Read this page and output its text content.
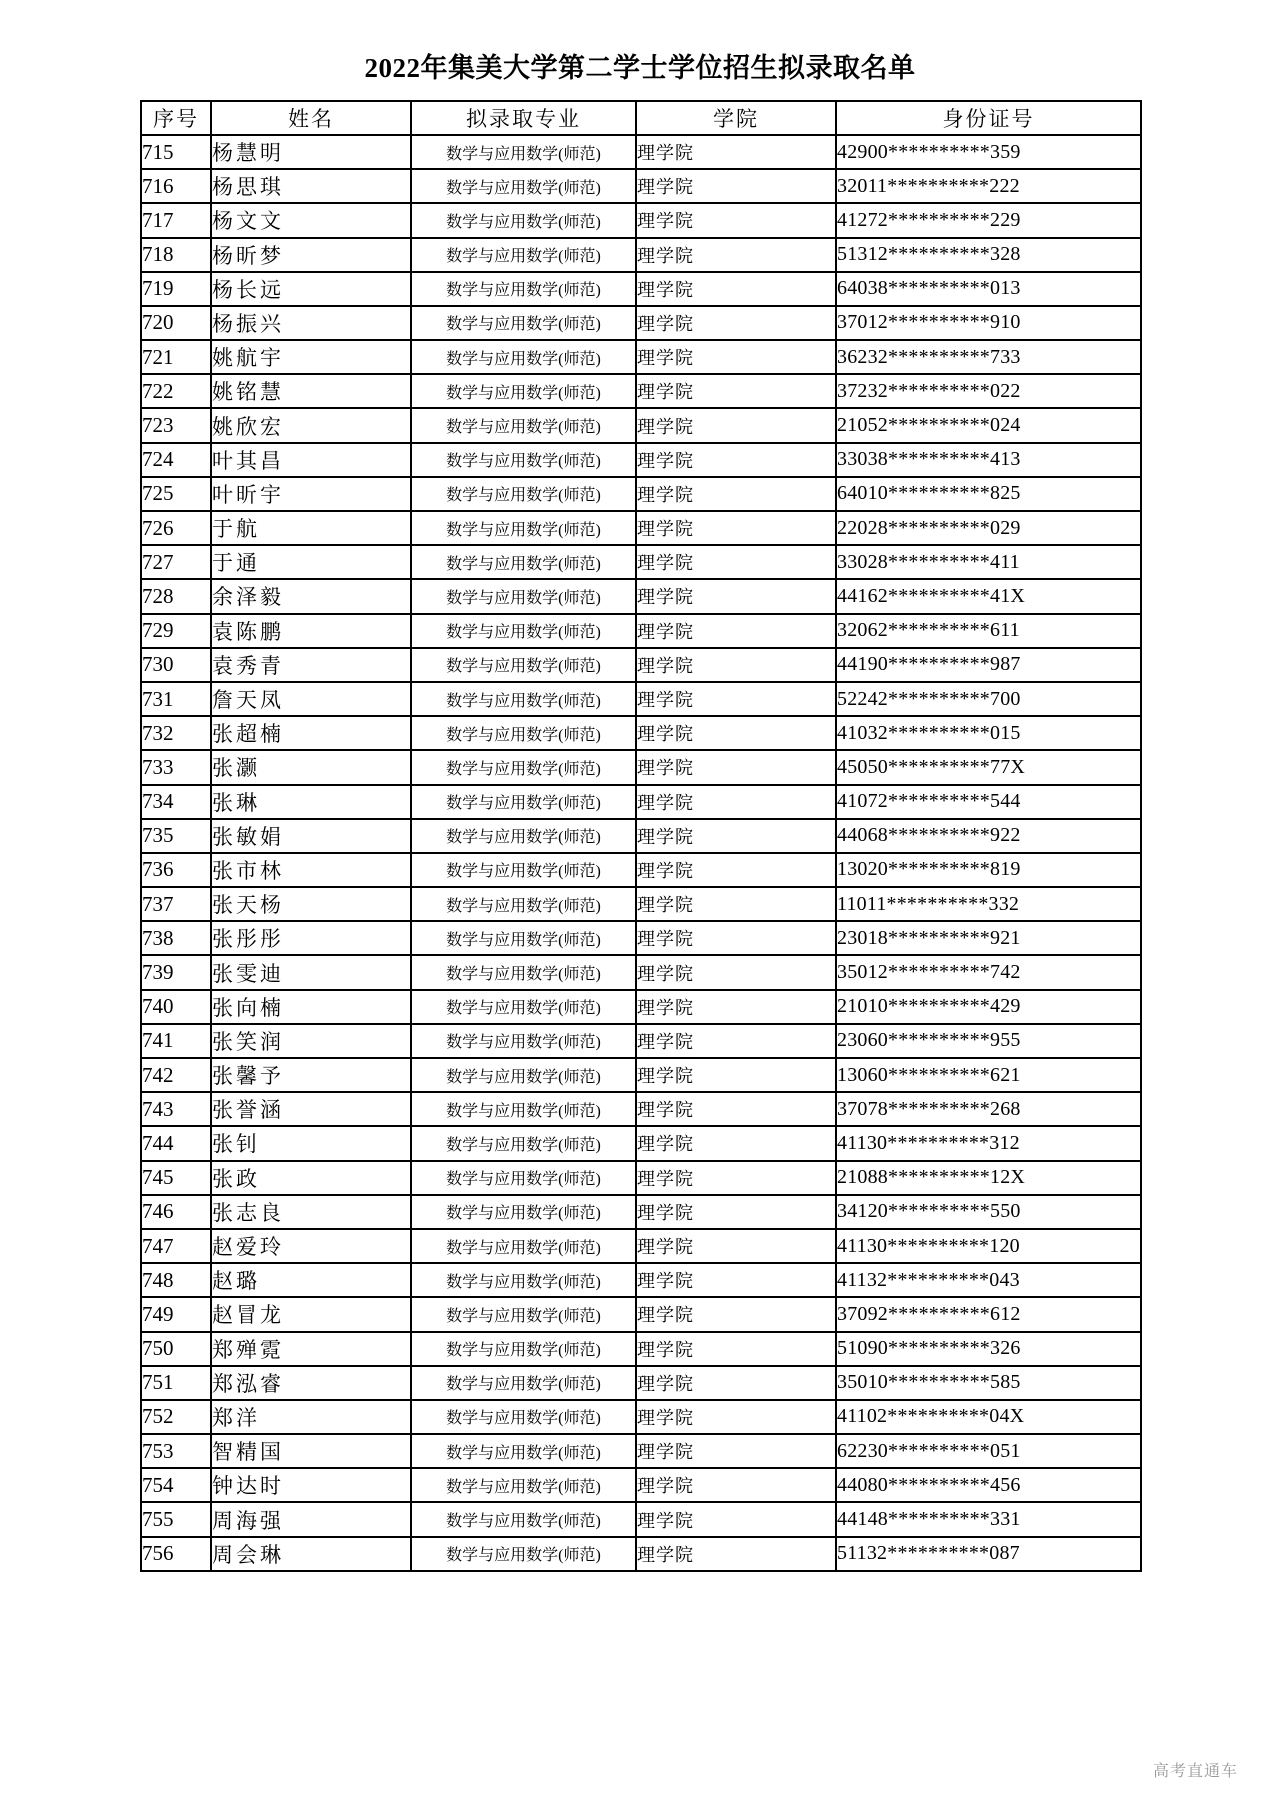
2022年集美大学第二学士学位招生拟录取名单
序号	姓名	拟录取专业	学院	身份证号
715	杨慧明	数学与应用数学(师范)	理学院	42900**********359
716	杨思琪	数学与应用数学(师范)	理学院	32011**********222
717	杨文文	数学与应用数学(师范)	理学院	41272**********229
718	杨昕梦	数学与应用数学(师范)	理学院	51312**********328
719	杨长远	数学与应用数学(师范)	理学院	64038**********013
720	杨振兴	数学与应用数学(师范)	理学院	37012**********910
721	姚航宇	数学与应用数学(师范)	理学院	36232**********733
722	姚铭慧	数学与应用数学(师范)	理学院	37232**********022
723	姚欣宏	数学与应用数学(师范)	理学院	21052**********024
724	叶其昌	数学与应用数学(师范)	理学院	33038**********413
725	叶昕宇	数学与应用数学(师范)	理学院	64010**********825
726	于航	数学与应用数学(师范)	理学院	22028**********029
727	于通	数学与应用数学(师范)	理学院	33028**********411
728	余泽毅	数学与应用数学(师范)	理学院	44162**********41X
729	袁陈鹏	数学与应用数学(师范)	理学院	32062**********611
730	袁秀青	数学与应用数学(师范)	理学院	44190**********987
731	詹天凤	数学与应用数学(师范)	理学院	52242**********700
732	张超楠	数学与应用数学(师范)	理学院	41032**********015
733	张灏	数学与应用数学(师范)	理学院	45050**********77X
734	张琳	数学与应用数学(师范)	理学院	41072**********544
735	张敏娟	数学与应用数学(师范)	理学院	44068**********922
736	张市林	数学与应用数学(师范)	理学院	13020**********819
737	张天杨	数学与应用数学(师范)	理学院	11011**********332
738	张彤彤	数学与应用数学(师范)	理学院	23018**********921
739	张雯迪	数学与应用数学(师范)	理学院	35012**********742
740	张向楠	数学与应用数学(师范)	理学院	21010**********429
741	张笑润	数学与应用数学(师范)	理学院	23060**********955
742	张馨予	数学与应用数学(师范)	理学院	13060**********621
743	张誉涵	数学与应用数学(师范)	理学院	37078**********268
744	张钊	数学与应用数学(师范)	理学院	41130**********312
745	张政	数学与应用数学(师范)	理学院	21088**********12X
746	张志良	数学与应用数学(师范)	理学院	34120**********550
747	赵爱玲	数学与应用数学(师范)	理学院	41130**********120
748	赵璐	数学与应用数学(师范)	理学院	41132**********043
749	赵冒龙	数学与应用数学(师范)	理学院	37092**********612
750	郑殚霓	数学与应用数学(师范)	理学院	51090**********326
751	郑泓睿	数学与应用数学(师范)	理学院	35010**********585
752	郑洋	数学与应用数学(师范)	理学院	41102**********04X
753	智精国	数学与应用数学(师范)	理学院	62230**********051
754	钟达时	数学与应用数学(师范)	理学院	44080**********456
755	周海强	数学与应用数学(师范)	理学院	44148**********331
756	周会琳	数学与应用数学(师范)	理学院	51132**********087
高考直通车
